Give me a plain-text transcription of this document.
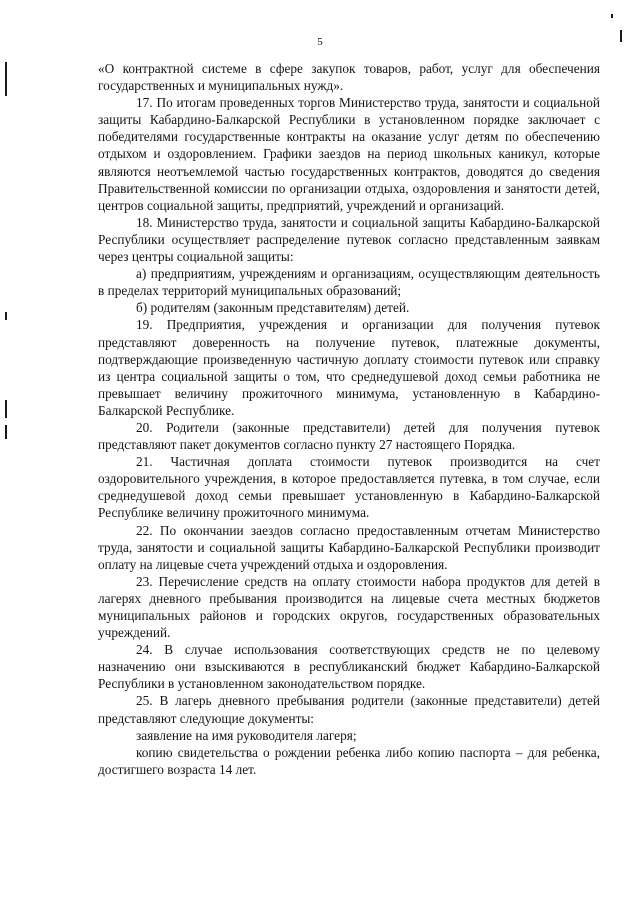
5

«О контрактной системе в сфере закупок товаров, работ, услуг для обеспечения государственных и муниципальных нужд».

17. По итогам проведенных торгов Министерство труда, занятости и социальной защиты Кабардино-Балкарской Республики в установленном порядке заключает с победителями государственные контракты на оказание услуг детям по обеспечению отдыхом и оздоровлением. Графики заездов на период школьных каникул, которые являются неотъемлемой частью государственных контрактов, доводятся до сведения Правительственной комиссии по организации отдыха, оздоровления и занятости детей, центров социальной защиты, предприятий, учреждений и организаций.

18. Министерство труда, занятости и социальной защиты Кабардино-Балкарской Республики осуществляет распределение путевок согласно представленным заявкам через центры социальной защиты:

а) предприятиям, учреждениям и организациям, осуществляющим деятельность в пределах территорий муниципальных образований;

б) родителям (законным представителям) детей.

19. Предприятия, учреждения и организации для получения путевок представляют доверенность на получение путевок, платежные документы, подтверждающие произведенную частичную доплату стоимости путевок или справку из центра социальной защиты о том, что среднедушевой доход семьи работника не превышает величину прожиточного минимума, установленную в Кабардино-Балкарской Республике.

20. Родители (законные представители) детей для получения путевок представляют пакет документов согласно пункту 27 настоящего Порядка.

21. Частичная доплата стоимости путевок производится на счет оздоровительного учреждения, в которое предоставляется путевка, в том случае, если среднедушевой доход семьи превышает установленную в Кабардино-Балкарской Республике величину прожиточного минимума.

22. По окончании заездов согласно предоставленным отчетам Министерство труда, занятости и социальной защиты Кабардино-Балкарской Республики производит оплату на лицевые счета учреждений отдыха и оздоровления.

23. Перечисление средств на оплату стоимости набора продуктов для детей в лагерях дневного пребывания производится на лицевые счета местных бюджетов муниципальных районов и городских округов, государственных образовательных учреждений.

24. В случае использования соответствующих средств не по целевому назначению они взыскиваются в республиканский бюджет Кабардино-Балкарской Республики в установленном законодательством порядке.

25. В лагерь дневного пребывания родители (законные представители) детей представляют следующие документы:

заявление на имя руководителя лагеря;

копию свидетельства о рождении ребенка либо копию паспорта – для ребенка, достигшего возраста 14 лет.
